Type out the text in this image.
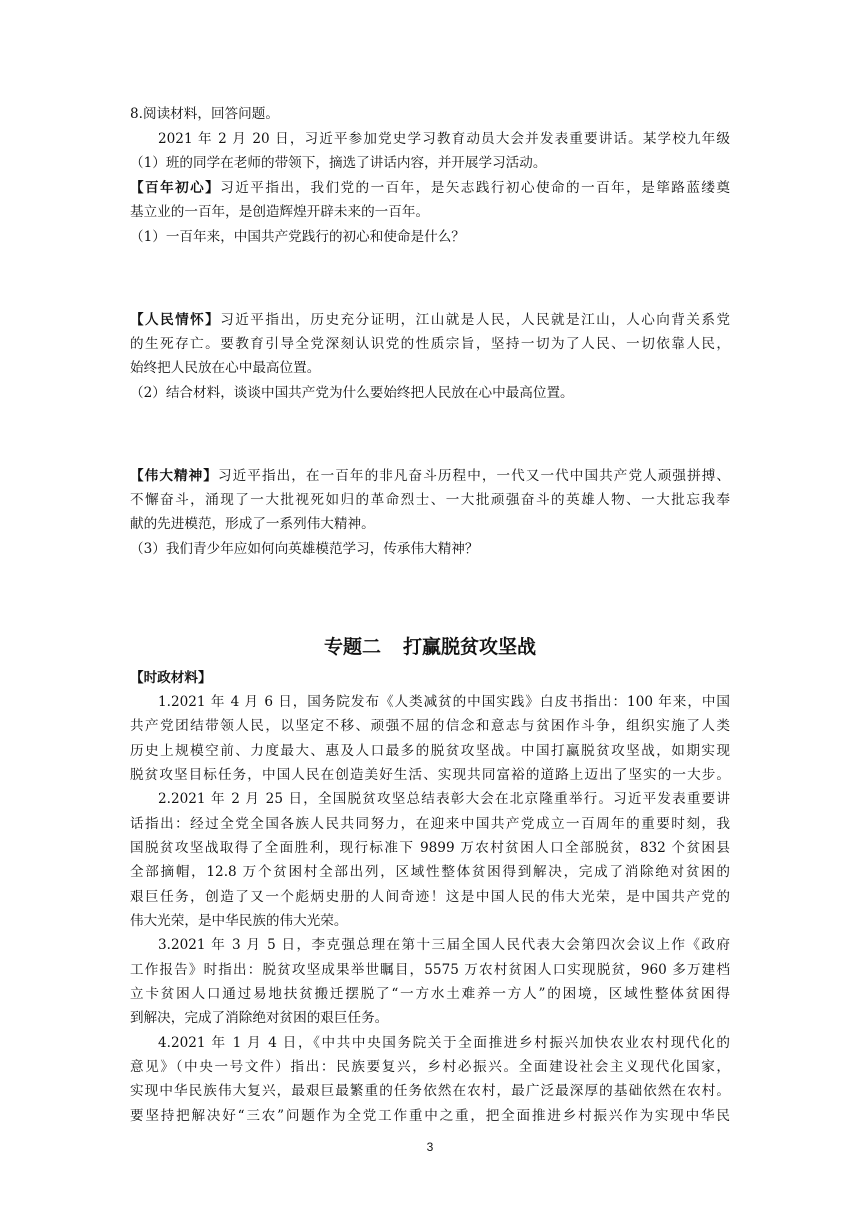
8.阅读材料，回答问题。
2021 年 2 月 20 日，习近平参加党史学习教育动员大会并发表重要讲话。某学校九年级
（1）班的同学在老师的带领下，摘选了讲话内容，并开展学习活动。
【百年初心】习近平指出，我们党的一百年，是矢志践行初心使命的一百年，是筚路蓝缕奠
基立业的一百年，是创造辉煌开辟未来的一百年。
（1）一百年来，中国共产党践行的初心和使命是什么？
【人民情怀】习近平指出，历史充分证明，江山就是人民，人民就是江山，人心向背关系党
的生死存亡。要教育引导全党深刻认识党的性质宗旨，坚持一切为了人民、一切依靠人民，
始终把人民放在心中最高位置。
（2）结合材料，谈谈中国共产党为什么要始终把人民放在心中最高位置。
【伟大精神】习近平指出，在一百年的非凡奋斗历程中，一代又一代中国共产党人顽强拼搏、
不懈奋斗，涌现了一大批视死如归的革命烈士、一大批顽强奋斗的英雄人物、一大批忘我奉
献的先进模范，形成了一系列伟大精神。
（3）我们青少年应如何向英雄模范学习，传承伟大精神？
专题二 打赢脱贫攻坚战
【时政材料】
1.2021 年 4 月 6 日，国务院发布《人类减贫的中国实践》白皮书指出：100 年来，中国
共产党团结带领人民，以坚定不移、顽强不屈的信念和意志与贫困作斗争，组织实施了人类
历史上规模空前、力度最大、惠及人口最多的脱贫攻坚战。中国打赢脱贫攻坚战，如期实现
脱贫攻坚目标任务，中国人民在创造美好生活、实现共同富裕的道路上迈出了坚实的一大步。
2.2021 年 2 月 25 日，全国脱贫攻坚总结表彰大会在北京隆重举行。习近平发表重要讲
话指出：经过全党全国各族人民共同努力，在迎来中国共产党成立一百周年的重要时刻，我
国脱贫攻坚战取得了全面胜利，现行标准下 9899 万农村贫困人口全部脱贫，832 个贫困县
全部摘帽，12.8 万个贫困村全部出列，区域性整体贫困得到解决，完成了消除绝对贫困的
艰巨任务，创造了又一个彪炳史册的人间奇迹！这是中国人民的伟大光荣，是中国共产党的
伟大光荣，是中华民族的伟大光荣。
3.2021 年 3 月 5 日，李克强总理在第十三届全国人民代表大会第四次会议上作《政府
工作报告》时指出：脱贫攻坚成果举世瞩目，5575 万农村贫困人口实现脱贫，960 多万建档
立卡贫困人口通过易地扶贫搬迁摆脱了“一方水土难养一方人”的困境，区域性整体贫困得
到解决，完成了消除绝对贫困的艰巨任务。
4.2021 年 1 月 4 日，《中共中央国务院关于全面推进乡村振兴加快农业农村现代化的
意见》（中央一号文件）指出：民族要复兴，乡村必振兴。全面建设社会主义现代化国家，
实现中华民族伟大复兴，最艰巨最繁重的任务依然在农村，最广泛最深厚的基础依然在农村。
要坚持把解决好“三农”问题作为全党工作重中之重，把全面推进乡村振兴作为实现中华民
3
